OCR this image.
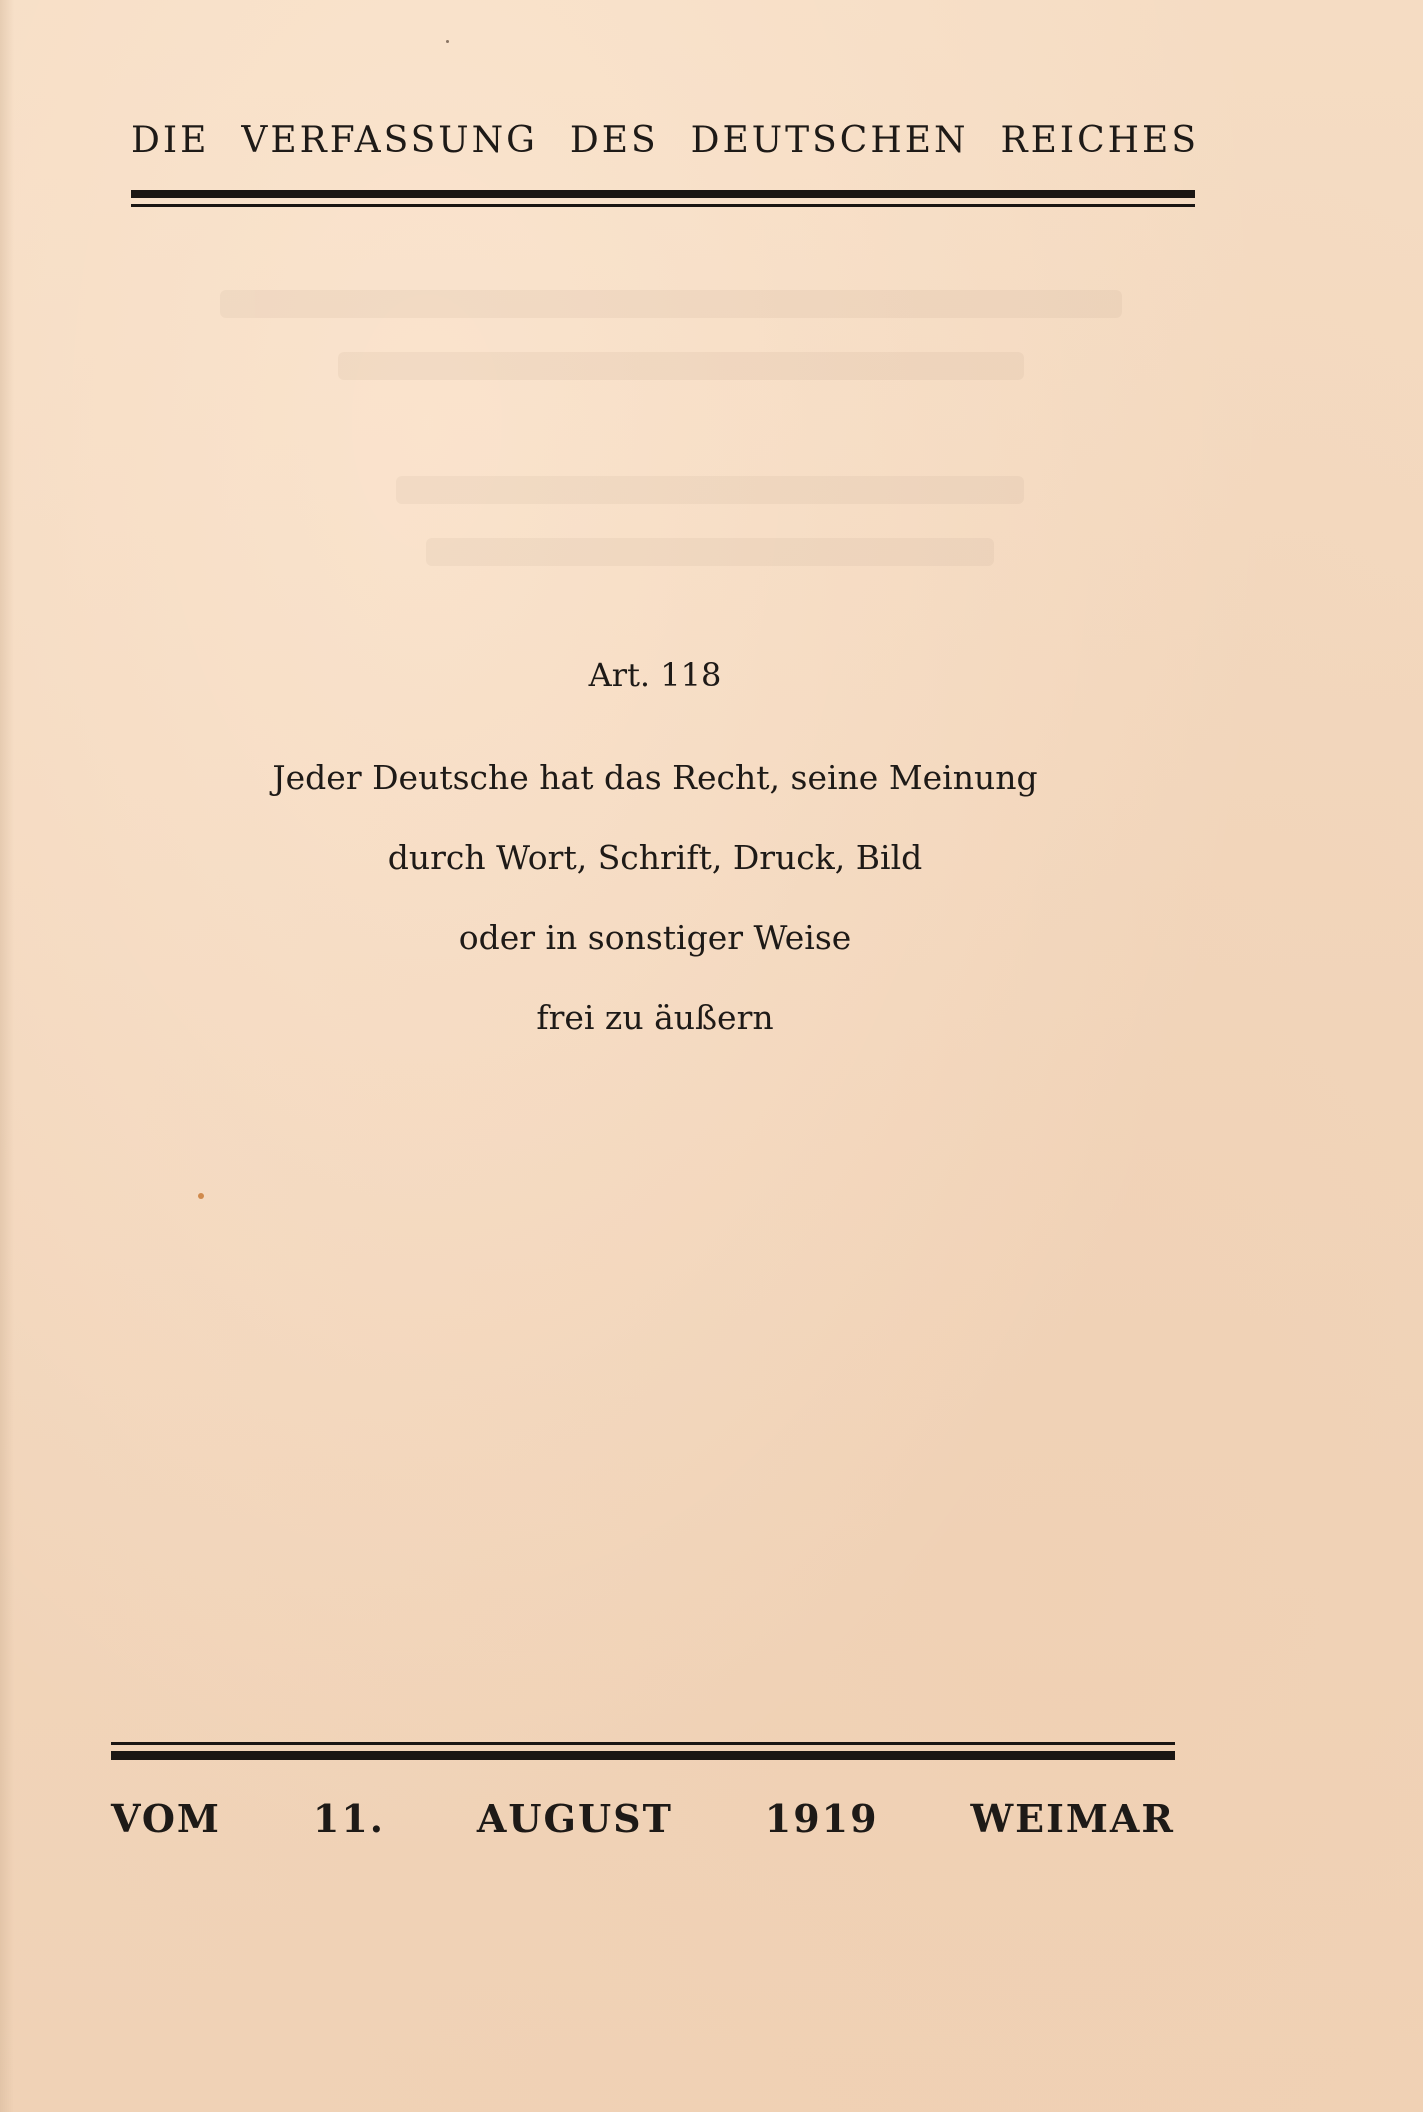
DIE VERFASSUNG DES DEUTSCHEN REICHES
Art. 118
Jeder Deutsche hat das Recht, seine Meinung
durch Wort, Schrift, Druck, Bild
oder in sonstiger Weise
frei zu äußern
VOM 11. AUGUST 1919 WEIMAR
